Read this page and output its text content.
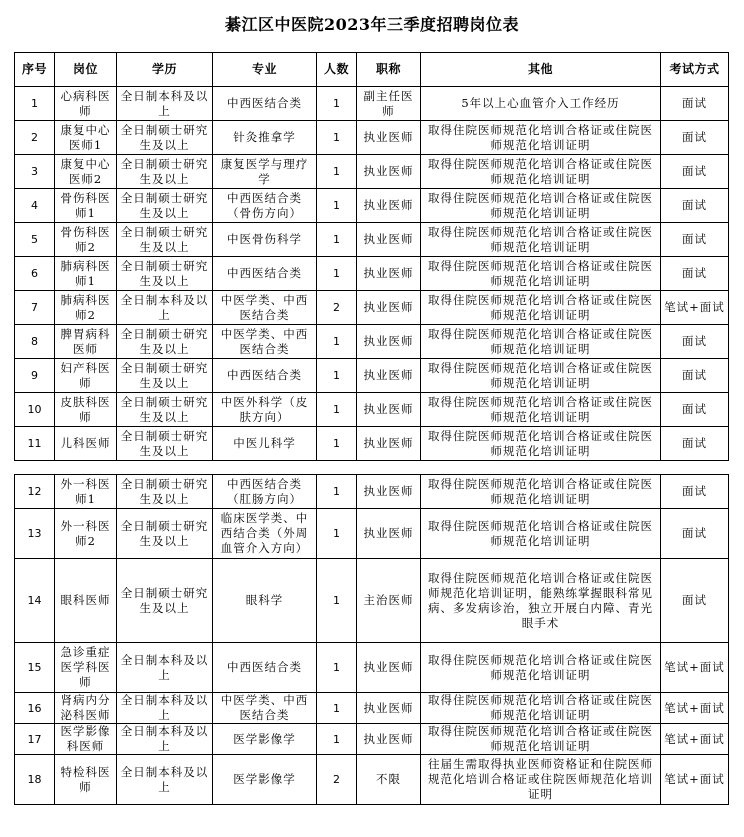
綦江区中医院2023年三季度招聘岗位表
序号	岗位	学历	专业	人数	职称	其他	考试方式
1	心病科医师	全日制本科及以上	中西医结合类	1	副主任医师	5年以上心血管介入工作经历	面试
2	康复中心医师1	全日制硕士研究生及以上	针灸推拿学	1	执业医师	取得住院医师规范化培训合格证或住院医师规范化培训证明	面试
3	康复中心医师2	全日制硕士研究生及以上	康复医学与理疗学	1	执业医师	取得住院医师规范化培训合格证或住院医师规范化培训证明	面试
4	骨伤科医师1	全日制硕士研究生及以上	中西医结合类（骨伤方向）	1	执业医师	取得住院医师规范化培训合格证或住院医师规范化培训证明	面试
5	骨伤科医师2	全日制硕士研究生及以上	中医骨伤科学	1	执业医师	取得住院医师规范化培训合格证或住院医师规范化培训证明	面试
6	肺病科医师1	全日制硕士研究生及以上	中西医结合类	1	执业医师	取得住院医师规范化培训合格证或住院医师规范化培训证明	面试
7	肺病科医师2	全日制本科及以上	中医学类、中西医结合类	2	执业医师	取得住院医师规范化培训合格证或住院医师规范化培训证明	笔试+面试
8	脾胃病科医师	全日制硕士研究生及以上	中医学类、中西医结合类	1	执业医师	取得住院医师规范化培训合格证或住院医师规范化培训证明	面试
9	妇产科医师	全日制硕士研究生及以上	中西医结合类	1	执业医师	取得住院医师规范化培训合格证或住院医师规范化培训证明	面试
10	皮肤科医师	全日制硕士研究生及以上	中医外科学（皮肤方向）	1	执业医师	取得住院医师规范化培训合格证或住院医师规范化培训证明	面试
11	儿科医师	全日制硕士研究生及以上	中医儿科学	1	执业医师	取得住院医师规范化培训合格证或住院医师规范化培训证明	面试

12	外一科医师1	全日制硕士研究生及以上	中西医结合类（肛肠方向）	1	执业医师	取得住院医师规范化培训合格证或住院医师规范化培训证明	面试
13	外一科医师2	全日制硕士研究生及以上	临床医学类、中西结合类（外周血管介入方向）	1	执业医师	取得住院医师规范化培训合格证或住院医师规范化培训证明	面试
14	眼科医师	全日制硕士研究生及以上	眼科学	1	主治医师	取得住院医师规范化培训合格证或住院医师规范化培训证明，能熟练掌握眼科常见病、多发病诊治，独立开展白内障、青光眼手术	面试
15	急诊重症医学科医师	全日制本科及以上	中西医结合类	1	执业医师	取得住院医师规范化培训合格证或住院医师规范化培训证明	笔试+面试
16	肾病内分泌科医师	全日制本科及以上	中医学类、中西医结合类	1	执业医师	取得住院医师规范化培训合格证或住院医师规范化培训证明	笔试+面试
17	医学影像科医师	全日制本科及以上	医学影像学	1	执业医师	取得住院医师规范化培训合格证或住院医师规范化培训证明	笔试+面试
18	特检科医师	全日制本科及以上	医学影像学	2	不限	往届生需取得执业医师资格证和住院医师规范化培训合格证或住院医师规范化培训证明	笔试+面试
